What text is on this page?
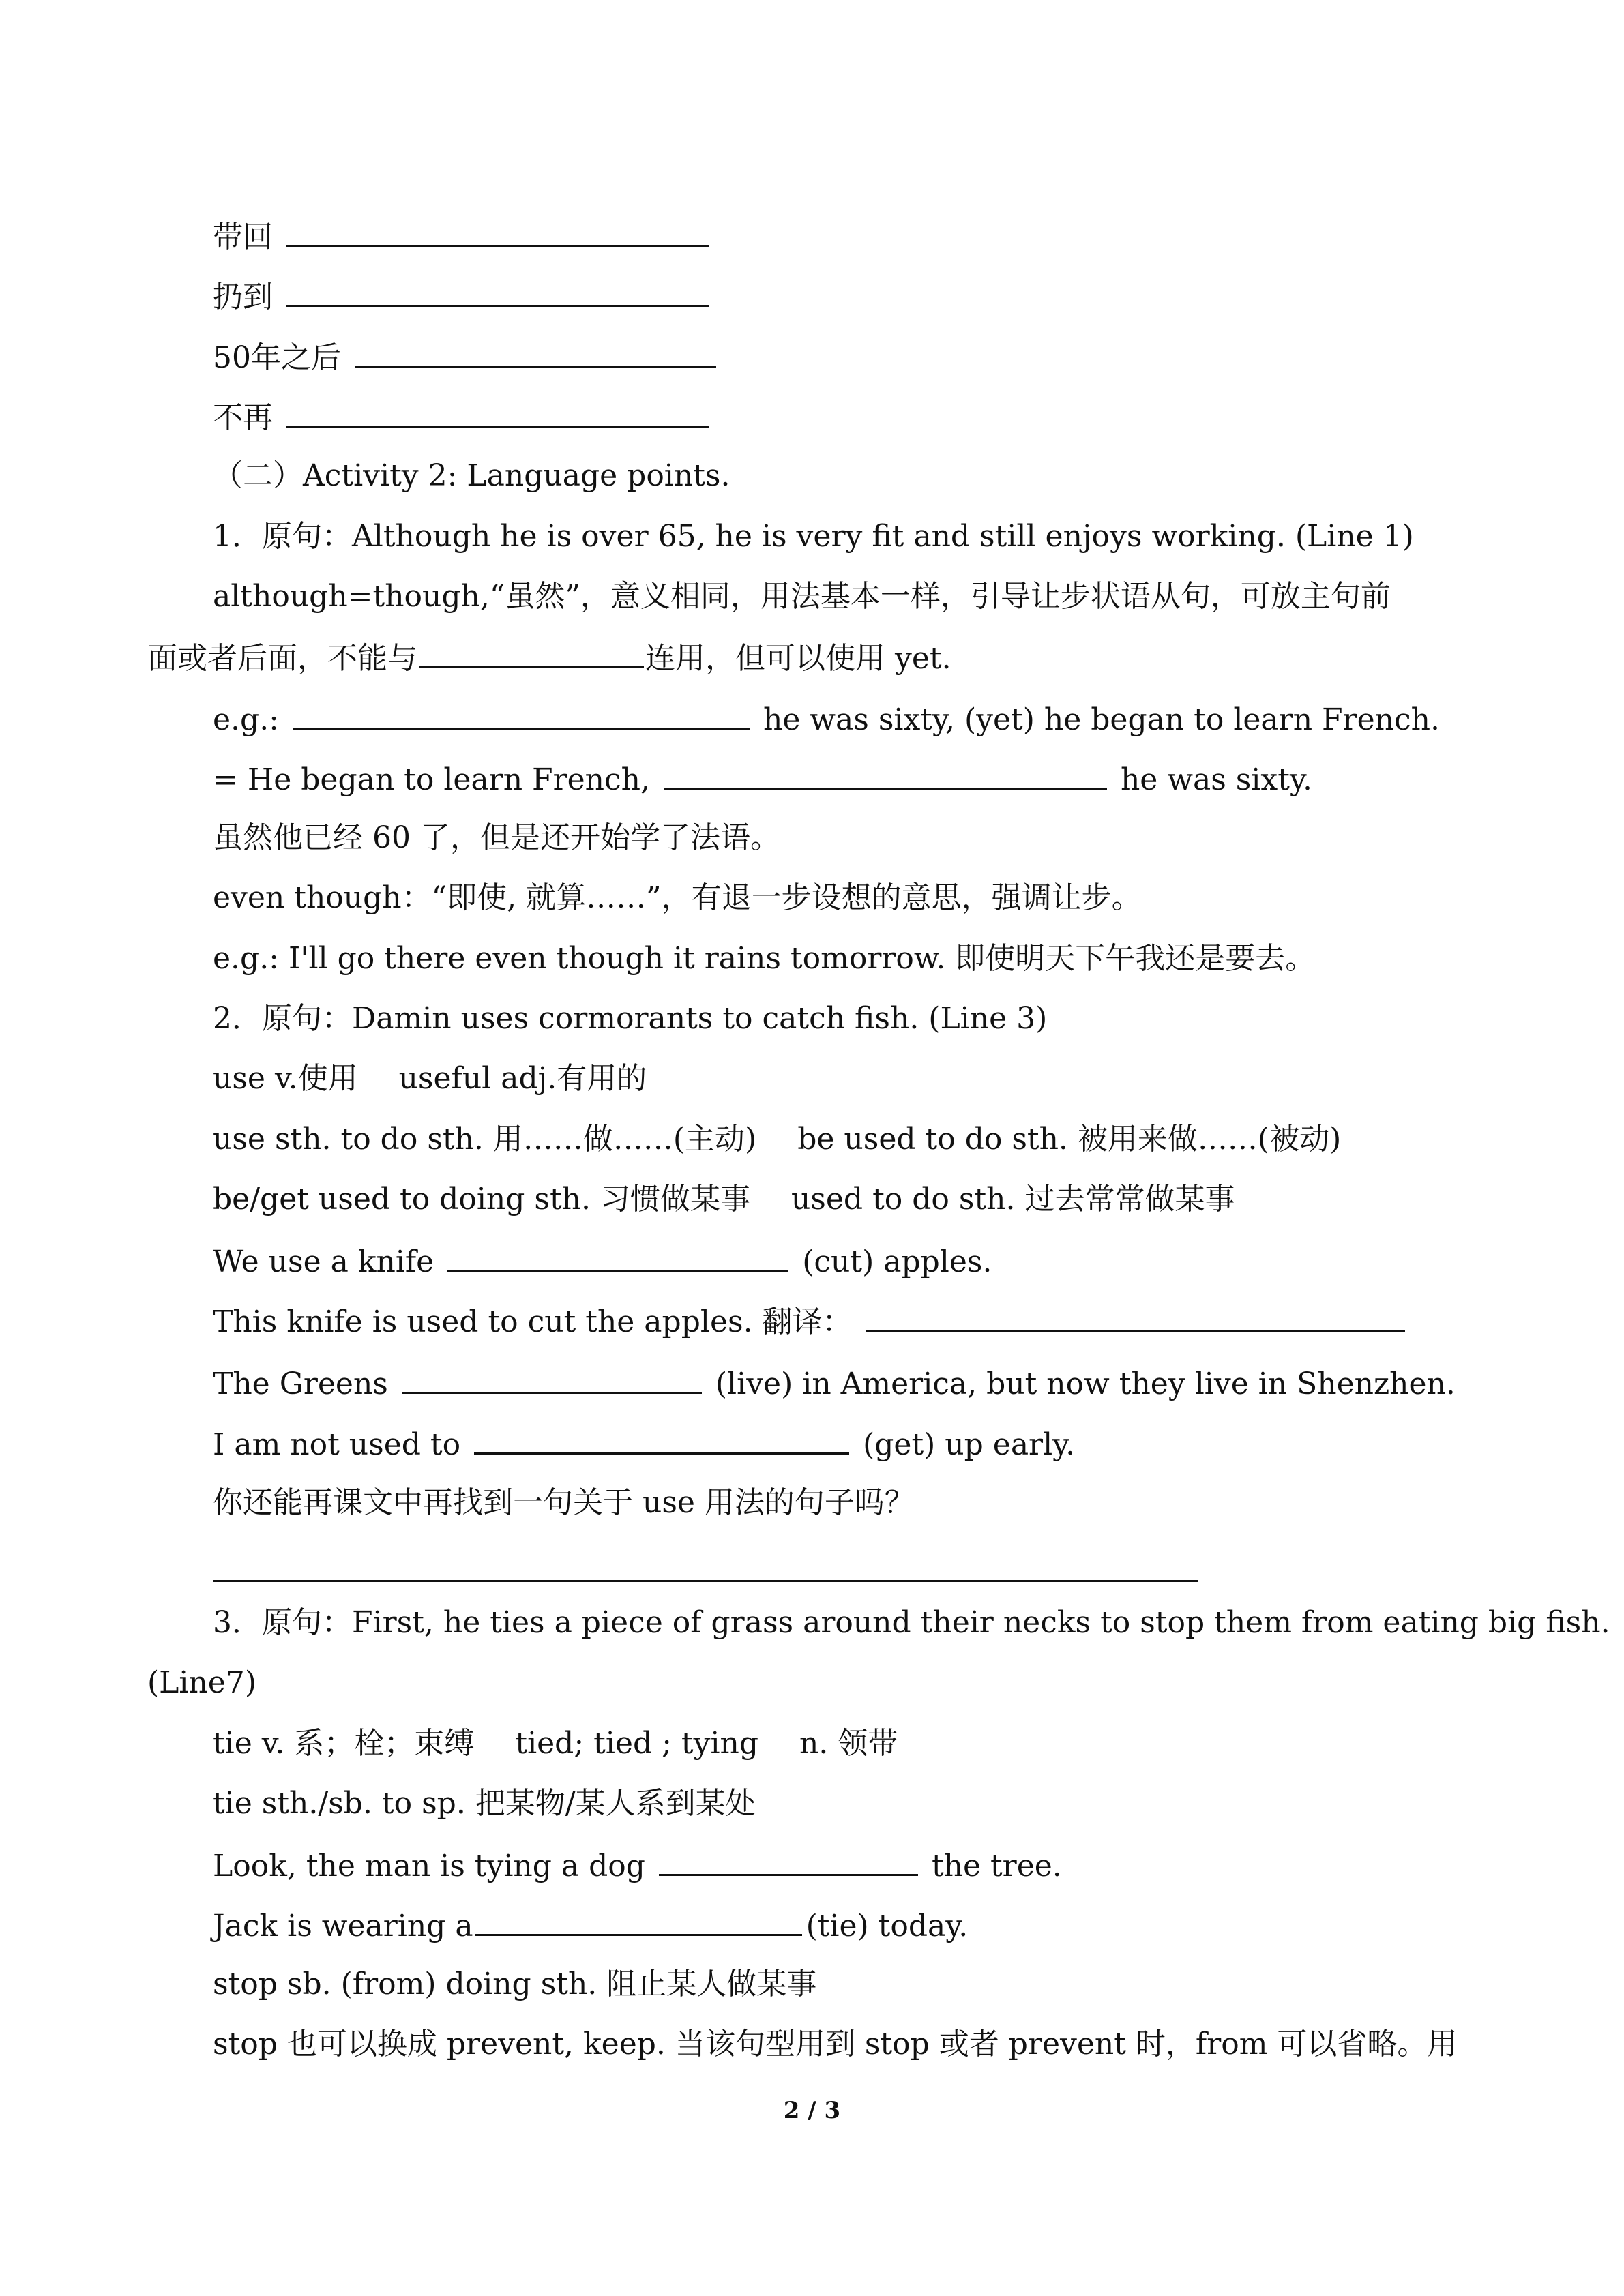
带回
扔到
50年之后
不再
（二）Activity 2: Language points.
1．原句：Although he is over 65, he is very fit and still enjoys working. (Line 1)
although=though,“虽然”，意义相同，用法基本一样，引导让步状语从句，可放主句前
面或者后面，不能与	连用，但可以使用 yet.
e.g.:	he was sixty, (yet) he began to learn French.
= He began to learn French,	he was sixty.
虽然他已经 60 了，但是还开始学了法语。
even though：“即使, 就算……”，有退一步设想的意思，强调让步。
e.g.: I'll go there even though it rains tomorrow. 即使明天下午我还是要去。
2．原句：Damin uses cormorants to catch fish. (Line 3)
use v.使用 useful adj.有用的
use sth. to do sth. 用……做……(主动) be used to do sth. 被用来做……(被动)
be/get used to doing sth. 习惯做某事 used to do sth. 过去常常做某事
We use a knife	(cut) apples.
This knife is used to cut the apples. 翻译：
The Greens	(live) in America, but now they live in Shenzhen.
I am not used to	(get) up early.
你还能再课文中再找到一句关于 use 用法的句子吗？
3．原句：First, he ties a piece of grass around their necks to stop them from eating big fish.
(Line7)
tie v. 系；栓；束缚 tied; tied ; tying n. 领带
tie sth./sb. to sp. 把某物/某人系到某处
Look, the man is tying a dog	the tree.
Jack is wearing a	(tie) today.
stop sb. (from) doing sth. 阻止某人做某事
stop 也可以换成 prevent, keep. 当该句型用到 stop 或者 prevent 时，from 可以省略。用
2 / 3
